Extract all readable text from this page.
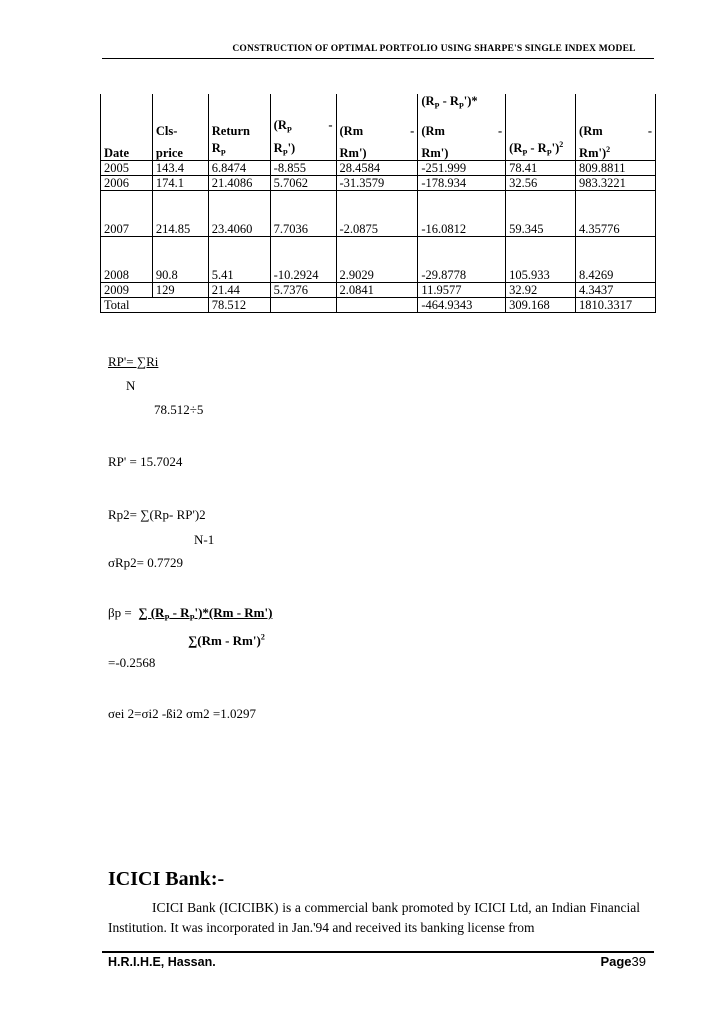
CONSTRUCTION OF OPTIMAL PORTFOLIO USING SHARPE'S SINGLE INDEX MODEL
					$(R_P - R_P')*$		
	Cls-	Return	($R_P$ -	(Rm -	(Rm -		(Rm -

Date	price	$R_P$	$R_P'$)	Rm')	Rm')	$(R_P - R_P')^2$	Rm')$^2$
2005	143.4	6.8474	-8.855	28.4584	-251.999	78.41	809.8811
2006	174.1	21.4086	5.7062	-31.3579	-178.934	32.56	983.3221
2007	214.85	23.4060	7.7036	-2.0875	-16.0812	59.345	4.35776
2008	90.8	5.41	-10.2924	2.9029	-29.8778	105.933	8.4269
2009	129	21.44	5.7376	2.0841	11.9577	32.92	4.3437
Total		78.512			-464.9343	309.168	1810.3317
RP'= ∑Ri
N
78.512÷5
RP' = 15.7024
Rp2= ∑(Rp- RP')2
N-1
σRp2= 0.7729
βp =  ∑ $(R_P - R_P')*(Rm - Rm')$
∑(Rm - Rm')$^2$
=-0.2568
σei 2=σi2 -ßi2 σm2 =1.0297
ICICI Bank:-
ICICI Bank (ICICIBK) is a commercial bank promoted by ICICI Ltd, an Indian Financial Institution. It was incorporated in Jan.'94 and received its banking license from
H.R.I.H.E, Hassan.	Page39
